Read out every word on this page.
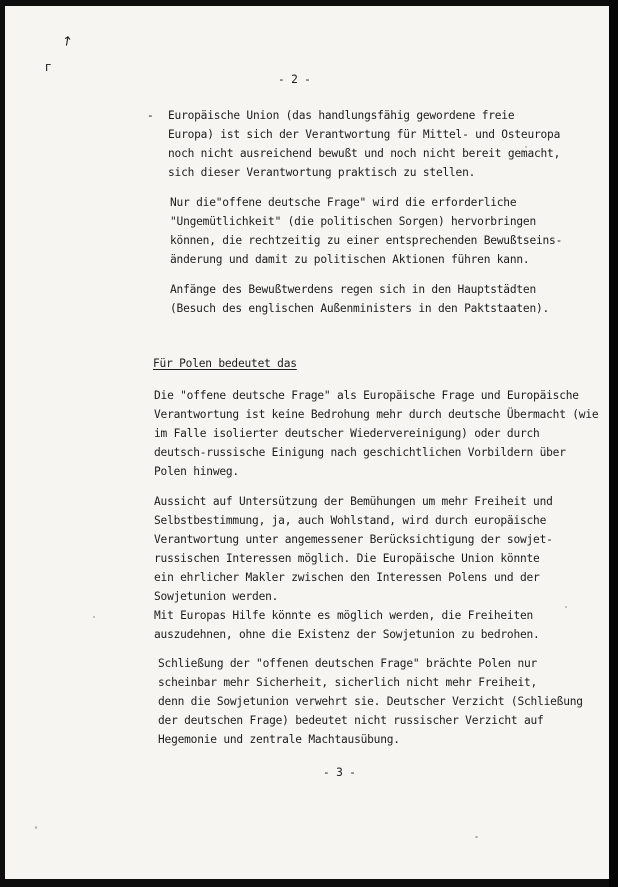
↗
г
- 2 -
- Europäische Union (das handlungsfähig gewordene freie
Europa) ist sich der Verantwortung für Mittel- und Osteuropa
noch nicht ausreichend bewußt und noch nicht bereit gemacht,
sich dieser Verantwortung praktisch zu stellen.
Nur die"offene deutsche Frage" wird die erforderliche
"Ungemütlichkeit" (die politischen Sorgen) hervorbringen
können, die rechtzeitig zu einer entsprechenden Bewußtseins-
änderung und damit zu politischen Aktionen führen kann.
Anfänge des Bewußtwerdens regen sich in den Hauptstädten
(Besuch des englischen Außenministers in den Paktstaaten).
Für Polen bedeutet das
Die "offene deutsche Frage" als Europäische Frage und Europäische
Verantwortung ist keine Bedrohung mehr durch deutsche Übermacht (wie
im Falle isolierter deutscher Wiedervereinigung) oder durch
deutsch-russische Einigung nach geschichtlichen Vorbildern über
Polen hinweg.
Aussicht auf Untersützung der Bemühungen um mehr Freiheit und
Selbstbestimmung, ja, auch Wohlstand, wird durch europäische
Verantwortung unter angemessener Berücksichtigung der sowjet-
russischen Interessen möglich. Die Europäische Union könnte
ein ehrlicher Makler zwischen den Interessen Polens und der
Sowjetunion werden.
Mit Europas Hilfe könnte es möglich werden, die Freiheiten
auszudehnen, ohne die Existenz der Sowjetunion zu bedrohen.
Schließung der "offenen deutschen Frage" brächte Polen nur
scheinbar mehr Sicherheit, sicherlich nicht mehr Freiheit,
denn die Sowjetunion verwehrt sie. Deutscher Verzicht (Schließung
der deutschen Frage) bedeutet nicht russischer Verzicht auf
Hegemonie und zentrale Machtausübung.
- 3 -
